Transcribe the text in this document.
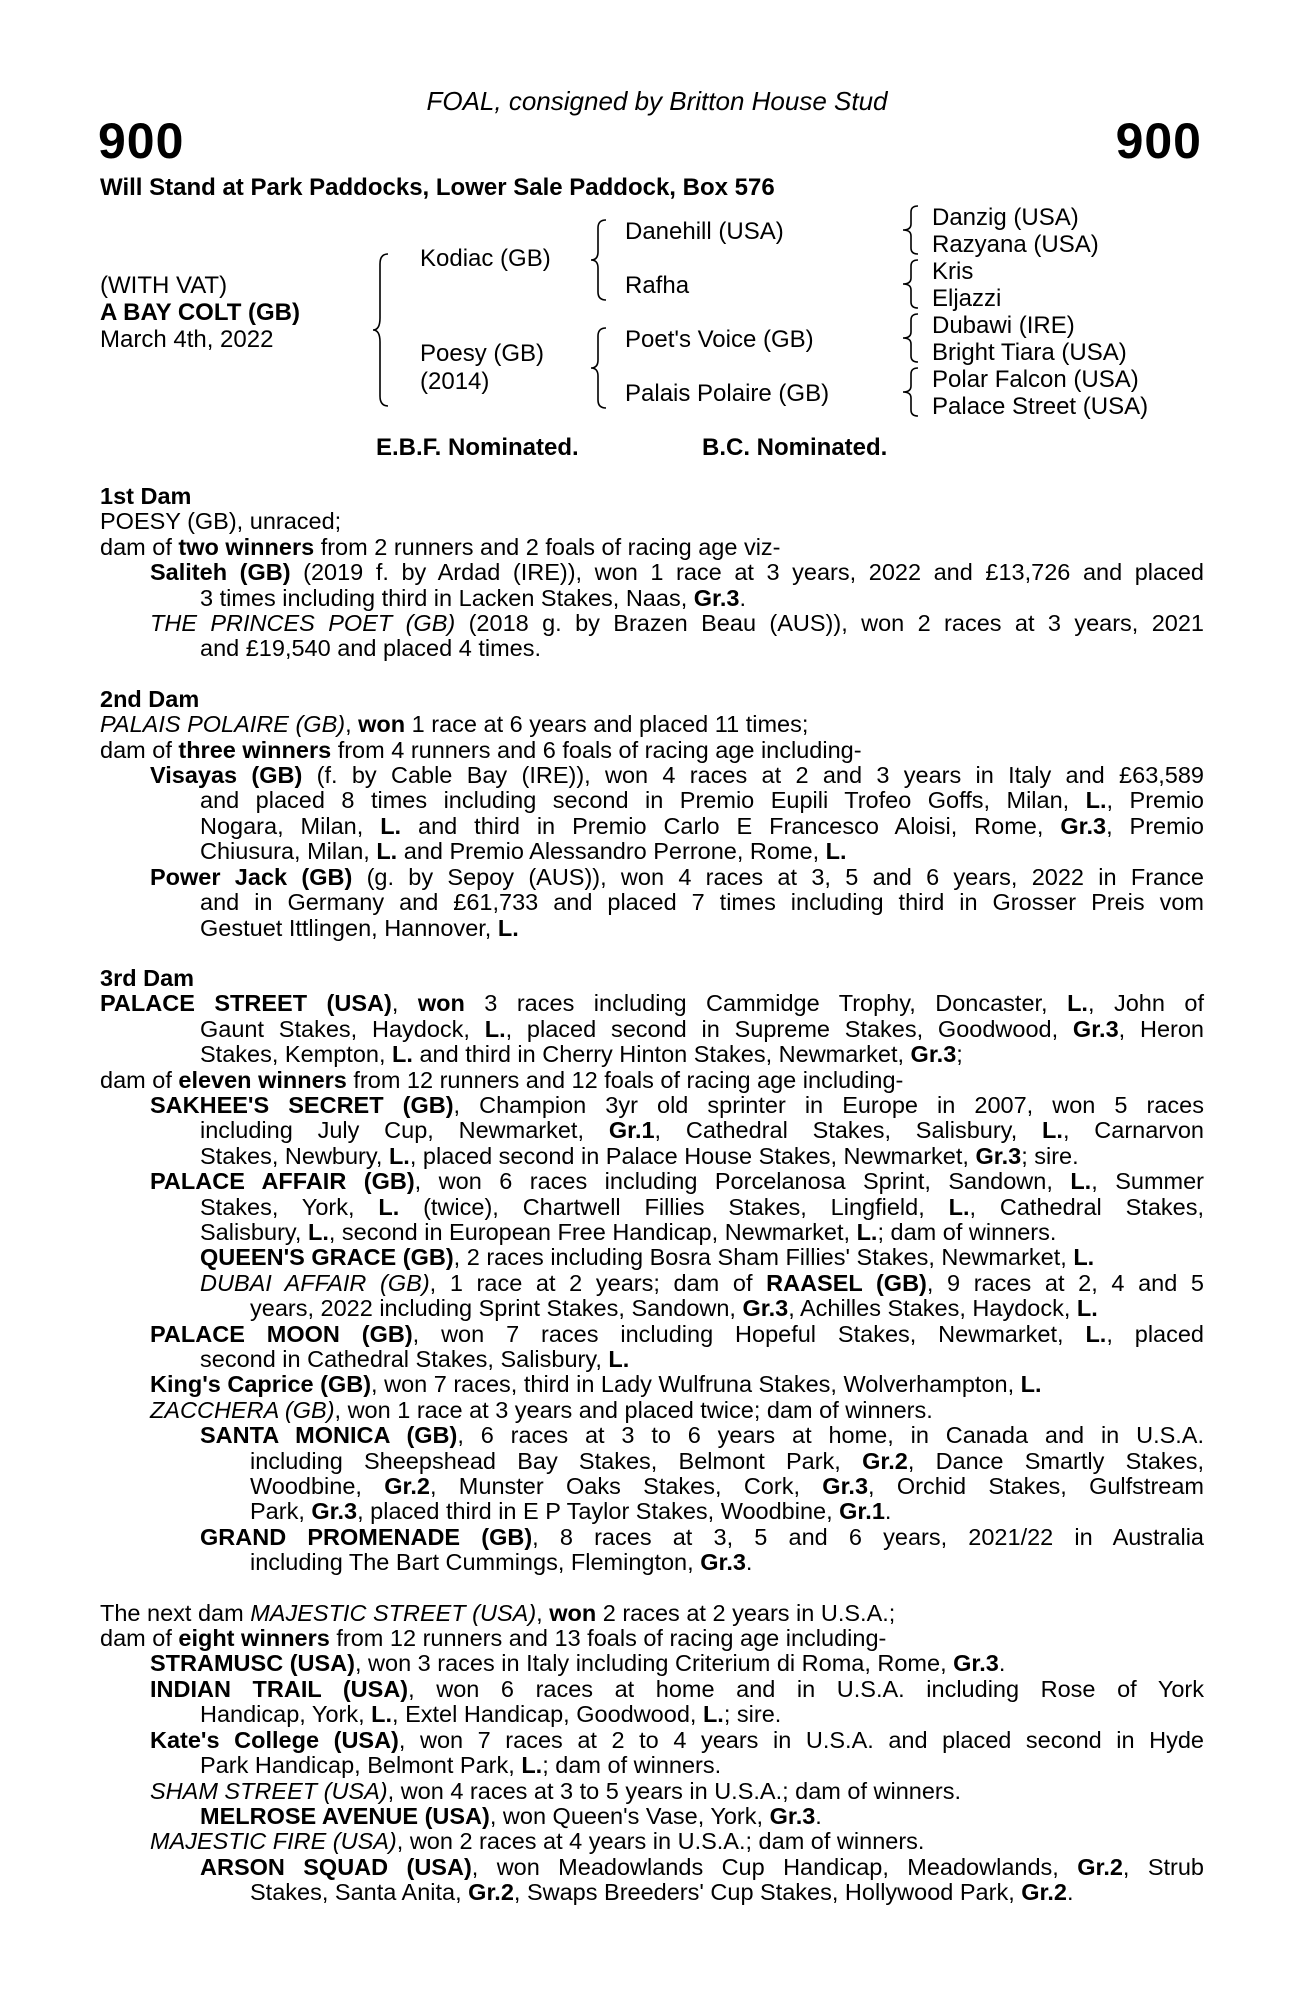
FOAL, consigned by Britton House Stud
900	900
Will Stand at Park Paddocks, Lower Sale Paddock, Box 576
(WITH VAT)
A BAY COLT (GB)
March 4th, 2022
Kodiac (GB)
Poesy (GB)
(2014)
Danehill (USA)
Rafha
Poet's Voice (GB)
Palais Polaire (GB)
Danzig (USA)
Razyana (USA)
Kris
Eljazzi
Dubawi (IRE)
Bright Tiara (USA)
Polar Falcon (USA)
Palace Street (USA)
E.B.F. Nominated.	B.C. Nominated.
1st Dam
POESY (GB), unraced;
dam of two winners from 2 runners and 2 foals of racing age viz-
Saliteh (GB) (2019 f. by Ardad (IRE)), won 1 race at 3 years, 2022 and £13,726 and placed
3 times including third in Lacken Stakes, Naas, Gr.3.
THE PRINCES POET (GB) (2018 g. by Brazen Beau (AUS)), won 2 races at 3 years, 2021
and £19,540 and placed 4 times.
2nd Dam
PALAIS POLAIRE (GB), won 1 race at 6 years and placed 11 times;
dam of three winners from 4 runners and 6 foals of racing age including-
Visayas (GB) (f. by Cable Bay (IRE)), won 4 races at 2 and 3 years in Italy and £63,589
and placed 8 times including second in Premio Eupili Trofeo Goffs, Milan, L., Premio
Nogara, Milan, L. and third in Premio Carlo E Francesco Aloisi, Rome, Gr.3, Premio
Chiusura, Milan, L. and Premio Alessandro Perrone, Rome, L.
Power Jack (GB) (g. by Sepoy (AUS)), won 4 races at 3, 5 and 6 years, 2022 in France
and in Germany and £61,733 and placed 7 times including third in Grosser Preis vom
Gestuet Ittlingen, Hannover, L.
3rd Dam
PALACE STREET (USA), won 3 races including Cammidge Trophy, Doncaster, L., John of
Gaunt Stakes, Haydock, L., placed second in Supreme Stakes, Goodwood, Gr.3, Heron
Stakes, Kempton, L. and third in Cherry Hinton Stakes, Newmarket, Gr.3;
dam of eleven winners from 12 runners and 12 foals of racing age including-
SAKHEE'S SECRET (GB), Champion 3yr old sprinter in Europe in 2007, won 5 races
including July Cup, Newmarket, Gr.1, Cathedral Stakes, Salisbury, L., Carnarvon
Stakes, Newbury, L., placed second in Palace House Stakes, Newmarket, Gr.3; sire.
PALACE AFFAIR (GB), won 6 races including Porcelanosa Sprint, Sandown, L., Summer
Stakes, York, L. (twice), Chartwell Fillies Stakes, Lingfield, L., Cathedral Stakes,
Salisbury, L., second in European Free Handicap, Newmarket, L.; dam of winners.
QUEEN'S GRACE (GB), 2 races including Bosra Sham Fillies' Stakes, Newmarket, L.
DUBAI AFFAIR (GB), 1 race at 2 years; dam of RAASEL (GB), 9 races at 2, 4 and 5
years, 2022 including Sprint Stakes, Sandown, Gr.3, Achilles Stakes, Haydock, L.
PALACE MOON (GB), won 7 races including Hopeful Stakes, Newmarket, L., placed
second in Cathedral Stakes, Salisbury, L.
King's Caprice (GB), won 7 races, third in Lady Wulfruna Stakes, Wolverhampton, L.
ZACCHERA (GB), won 1 race at 3 years and placed twice; dam of winners.
SANTA MONICA (GB), 6 races at 3 to 6 years at home, in Canada and in U.S.A.
including Sheepshead Bay Stakes, Belmont Park, Gr.2, Dance Smartly Stakes,
Woodbine, Gr.2, Munster Oaks Stakes, Cork, Gr.3, Orchid Stakes, Gulfstream
Park, Gr.3, placed third in E P Taylor Stakes, Woodbine, Gr.1.
GRAND PROMENADE (GB), 8 races at 3, 5 and 6 years, 2021/22 in Australia
including The Bart Cummings, Flemington, Gr.3.
The next dam MAJESTIC STREET (USA), won 2 races at 2 years in U.S.A.;
dam of eight winners from 12 runners and 13 foals of racing age including-
STRAMUSC (USA), won 3 races in Italy including Criterium di Roma, Rome, Gr.3.
INDIAN TRAIL (USA), won 6 races at home and in U.S.A. including Rose of York
Handicap, York, L., Extel Handicap, Goodwood, L.; sire.
Kate's College (USA), won 7 races at 2 to 4 years in U.S.A. and placed second in Hyde
Park Handicap, Belmont Park, L.; dam of winners.
SHAM STREET (USA), won 4 races at 3 to 5 years in U.S.A.; dam of winners.
MELROSE AVENUE (USA), won Queen's Vase, York, Gr.3.
MAJESTIC FIRE (USA), won 2 races at 4 years in U.S.A.; dam of winners.
ARSON SQUAD (USA), won Meadowlands Cup Handicap, Meadowlands, Gr.2, Strub
Stakes, Santa Anita, Gr.2, Swaps Breeders' Cup Stakes, Hollywood Park, Gr.2.
